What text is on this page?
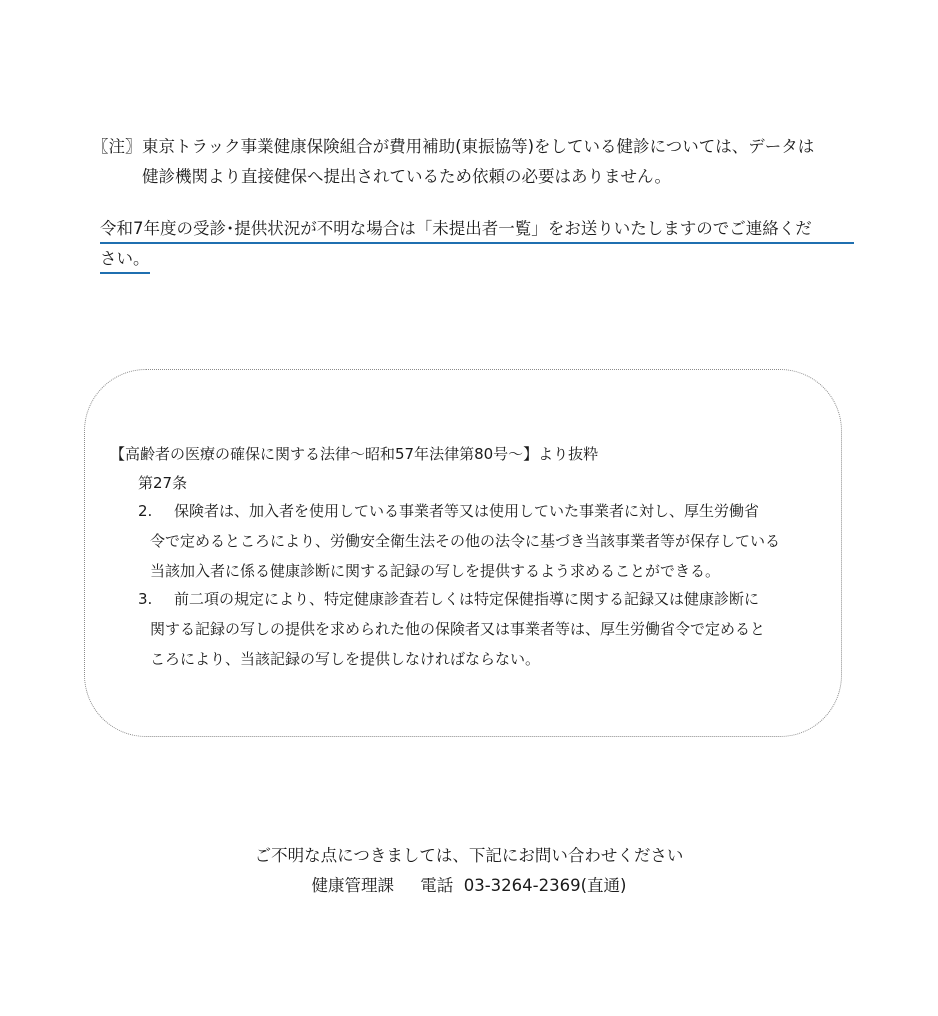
〖注〗東京トラック事業健康保険組合が費用補助(東振協等)をしている健診については、データは
健診機関より直接健保へ提出されているため依頼の必要はありません。
令和7年度の受診･提供状況が不明な場合は「未提出者一覧」をお送りいたしますのでご連絡くだ
さい。
【高齢者の医療の確保に関する法律～昭和57年法律第80号～】より抜粋
第27条
2. 保険者は、加入者を使用している事業者等又は使用していた事業者に対し、厚生労働省
令で定めるところにより、労働安全衛生法その他の法令に基づき当該事業者等が保存している
当該加入者に係る健康診断に関する記録の写しを提供するよう求めることができる。
3. 前二項の規定により、特定健康診査若しくは特定保健指導に関する記録又は健康診断に
関する記録の写しの提供を求められた他の保険者又は事業者等は、厚生労働省令で定めると
ころにより、当該記録の写しを提供しなければならない。
ご不明な点につきましては、下記にお問い合わせください
健康管理課 電話 03-3264-2369(直通)
